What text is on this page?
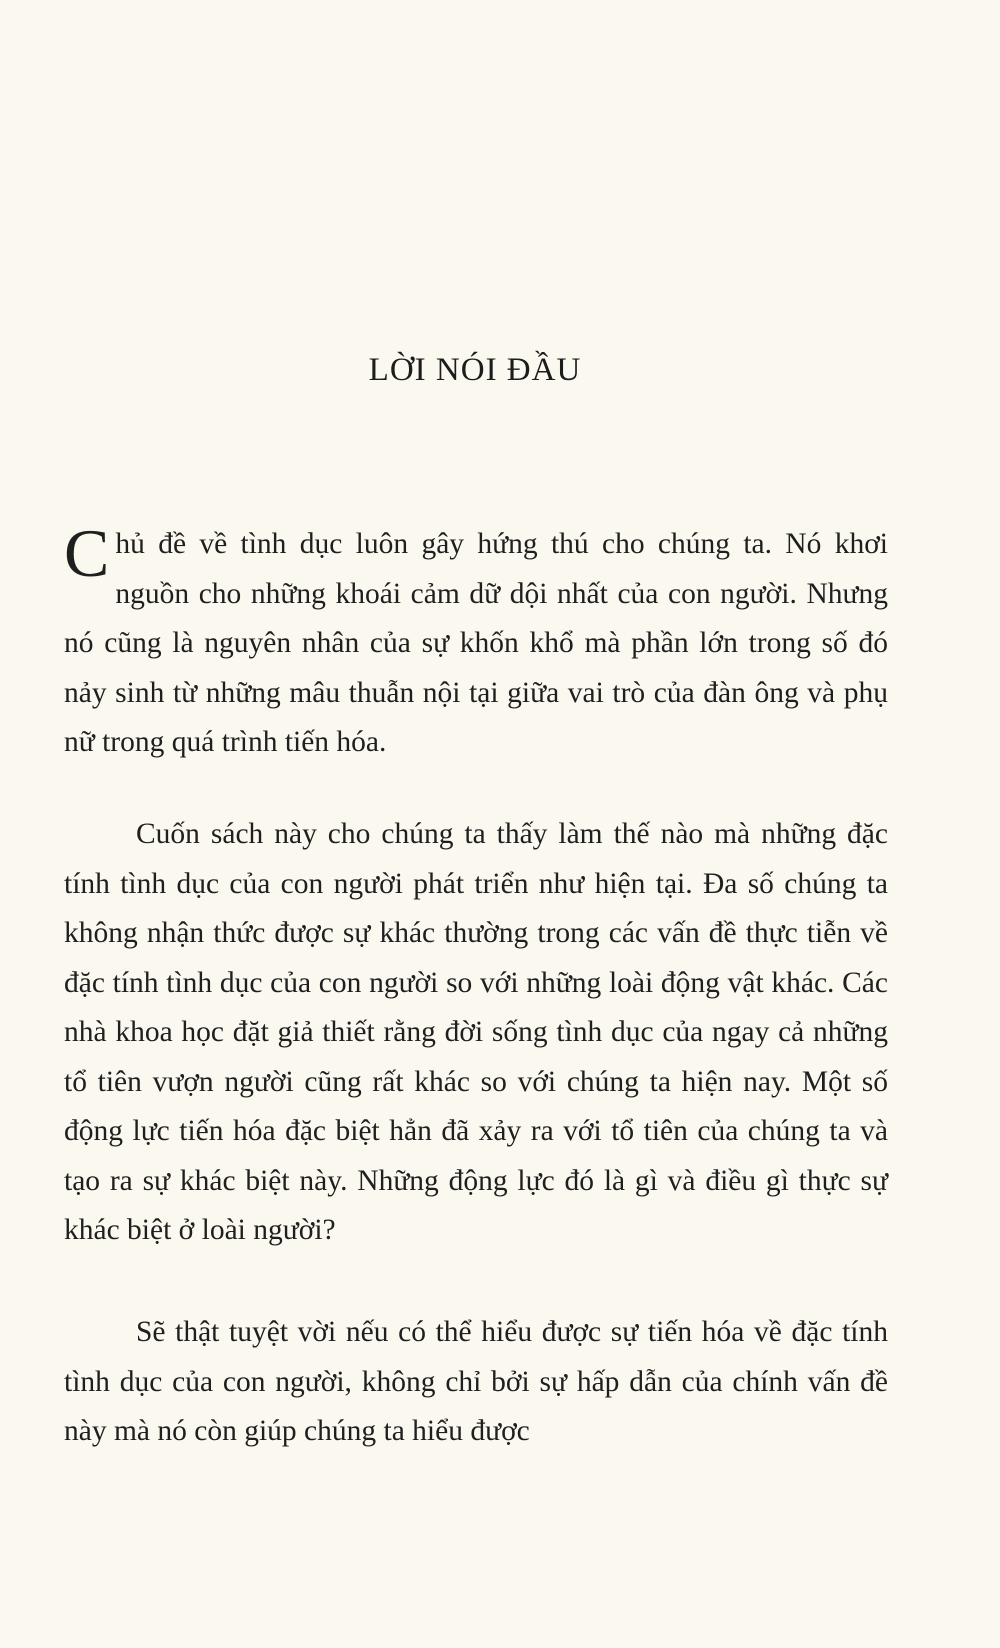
LỜI NÓI ĐẦU

Chủ đề về tình dục luôn gây hứng thú cho chúng ta. Nó khơi nguồn cho những khoái cảm dữ dội nhất của con người. Nhưng nó cũng là nguyên nhân của sự khốn khổ mà phần lớn trong số đó nảy sinh từ những mâu thuẫn nội tại giữa vai trò của đàn ông và phụ nữ trong quá trình tiến hóa.

Cuốn sách này cho chúng ta thấy làm thế nào mà những đặc tính tình dục của con người phát triển như hiện tại. Đa số chúng ta không nhận thức được sự khác thường trong các vấn đề thực tiễn về đặc tính tình dục của con người so với những loài động vật khác. Các nhà khoa học đặt giả thiết rằng đời sống tình dục của ngay cả những tổ tiên vượn người cũng rất khác so với chúng ta hiện nay. Một số động lực tiến hóa đặc biệt hẳn đã xảy ra với tổ tiên của chúng ta và tạo ra sự khác biệt này. Những động lực đó là gì và điều gì thực sự khác biệt ở loài người?

Sẽ thật tuyệt vời nếu có thể hiểu được sự tiến hóa về đặc tính tình dục của con người, không chỉ bởi sự hấp dẫn của chính vấn đề này mà nó còn giúp chúng ta hiểu được
